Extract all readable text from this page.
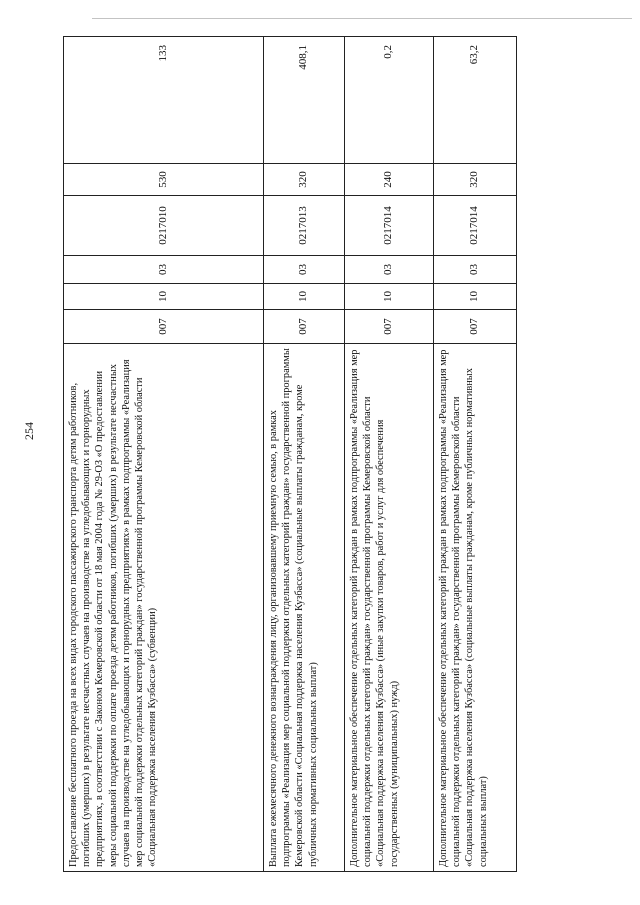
254	Предоставление бесплатного проезда на всех видах городского пассажирского транспорта детям работников, погибших (умерших) в результате несчастных случаев на производстве на угледобывающих и горнорудных предприятиях, в соответствии с Законом Кемеровской области от 18 мая 2004 года № 29-ОЗ «О предоставлении меры социальной поддержки по оплате проезда детям работников, погибших (умерших) в результате несчастных случаев на производстве на угледобывающих и горнорудных предприятиях» в рамках подпрограммы «Реализация мер социальной поддержки отдельных категорий граждан» государственной программы Кемеровской области «Социальная поддержка населения Кузбасса» (субвенции)	007	10	03	0217010	530	133
Выплата ежемесячного денежного вознаграждения лицу, организовавшему приемную семью, в рамках подпрограммы «Реализация мер социальной поддержки отдельных категорий граждан» государственной программы Кемеровской области «Социальная поддержка населения Кузбасса» (социальные выплаты гражданам, кроме публичных нормативных социальных выплат)	007	10	03	0217013	320	408,1
Дополнительное материальное обеспечение отдельных категорий граждан в рамках подпрограммы «Реализация мер социальной поддержки отдельных категорий граждан» государственной программы Кемеровской области «Социальная поддержка населения Кузбасса» (иные закупки товаров, работ и услуг для обеспечения государственных (муниципальных) нужд)	007	10	03	0217014	240	0,2
Дополнительное материальное обеспечение отдельных категорий граждан в рамках подпрограммы «Реализация мер социальной поддержки отдельных категорий граждан» государственной программы Кемеровской области «Социальная поддержка населения Кузбасса» (социальные выплаты гражданам, кроме публичных нормативных социальных выплат)	007	10	03	0217014	320	63,2
